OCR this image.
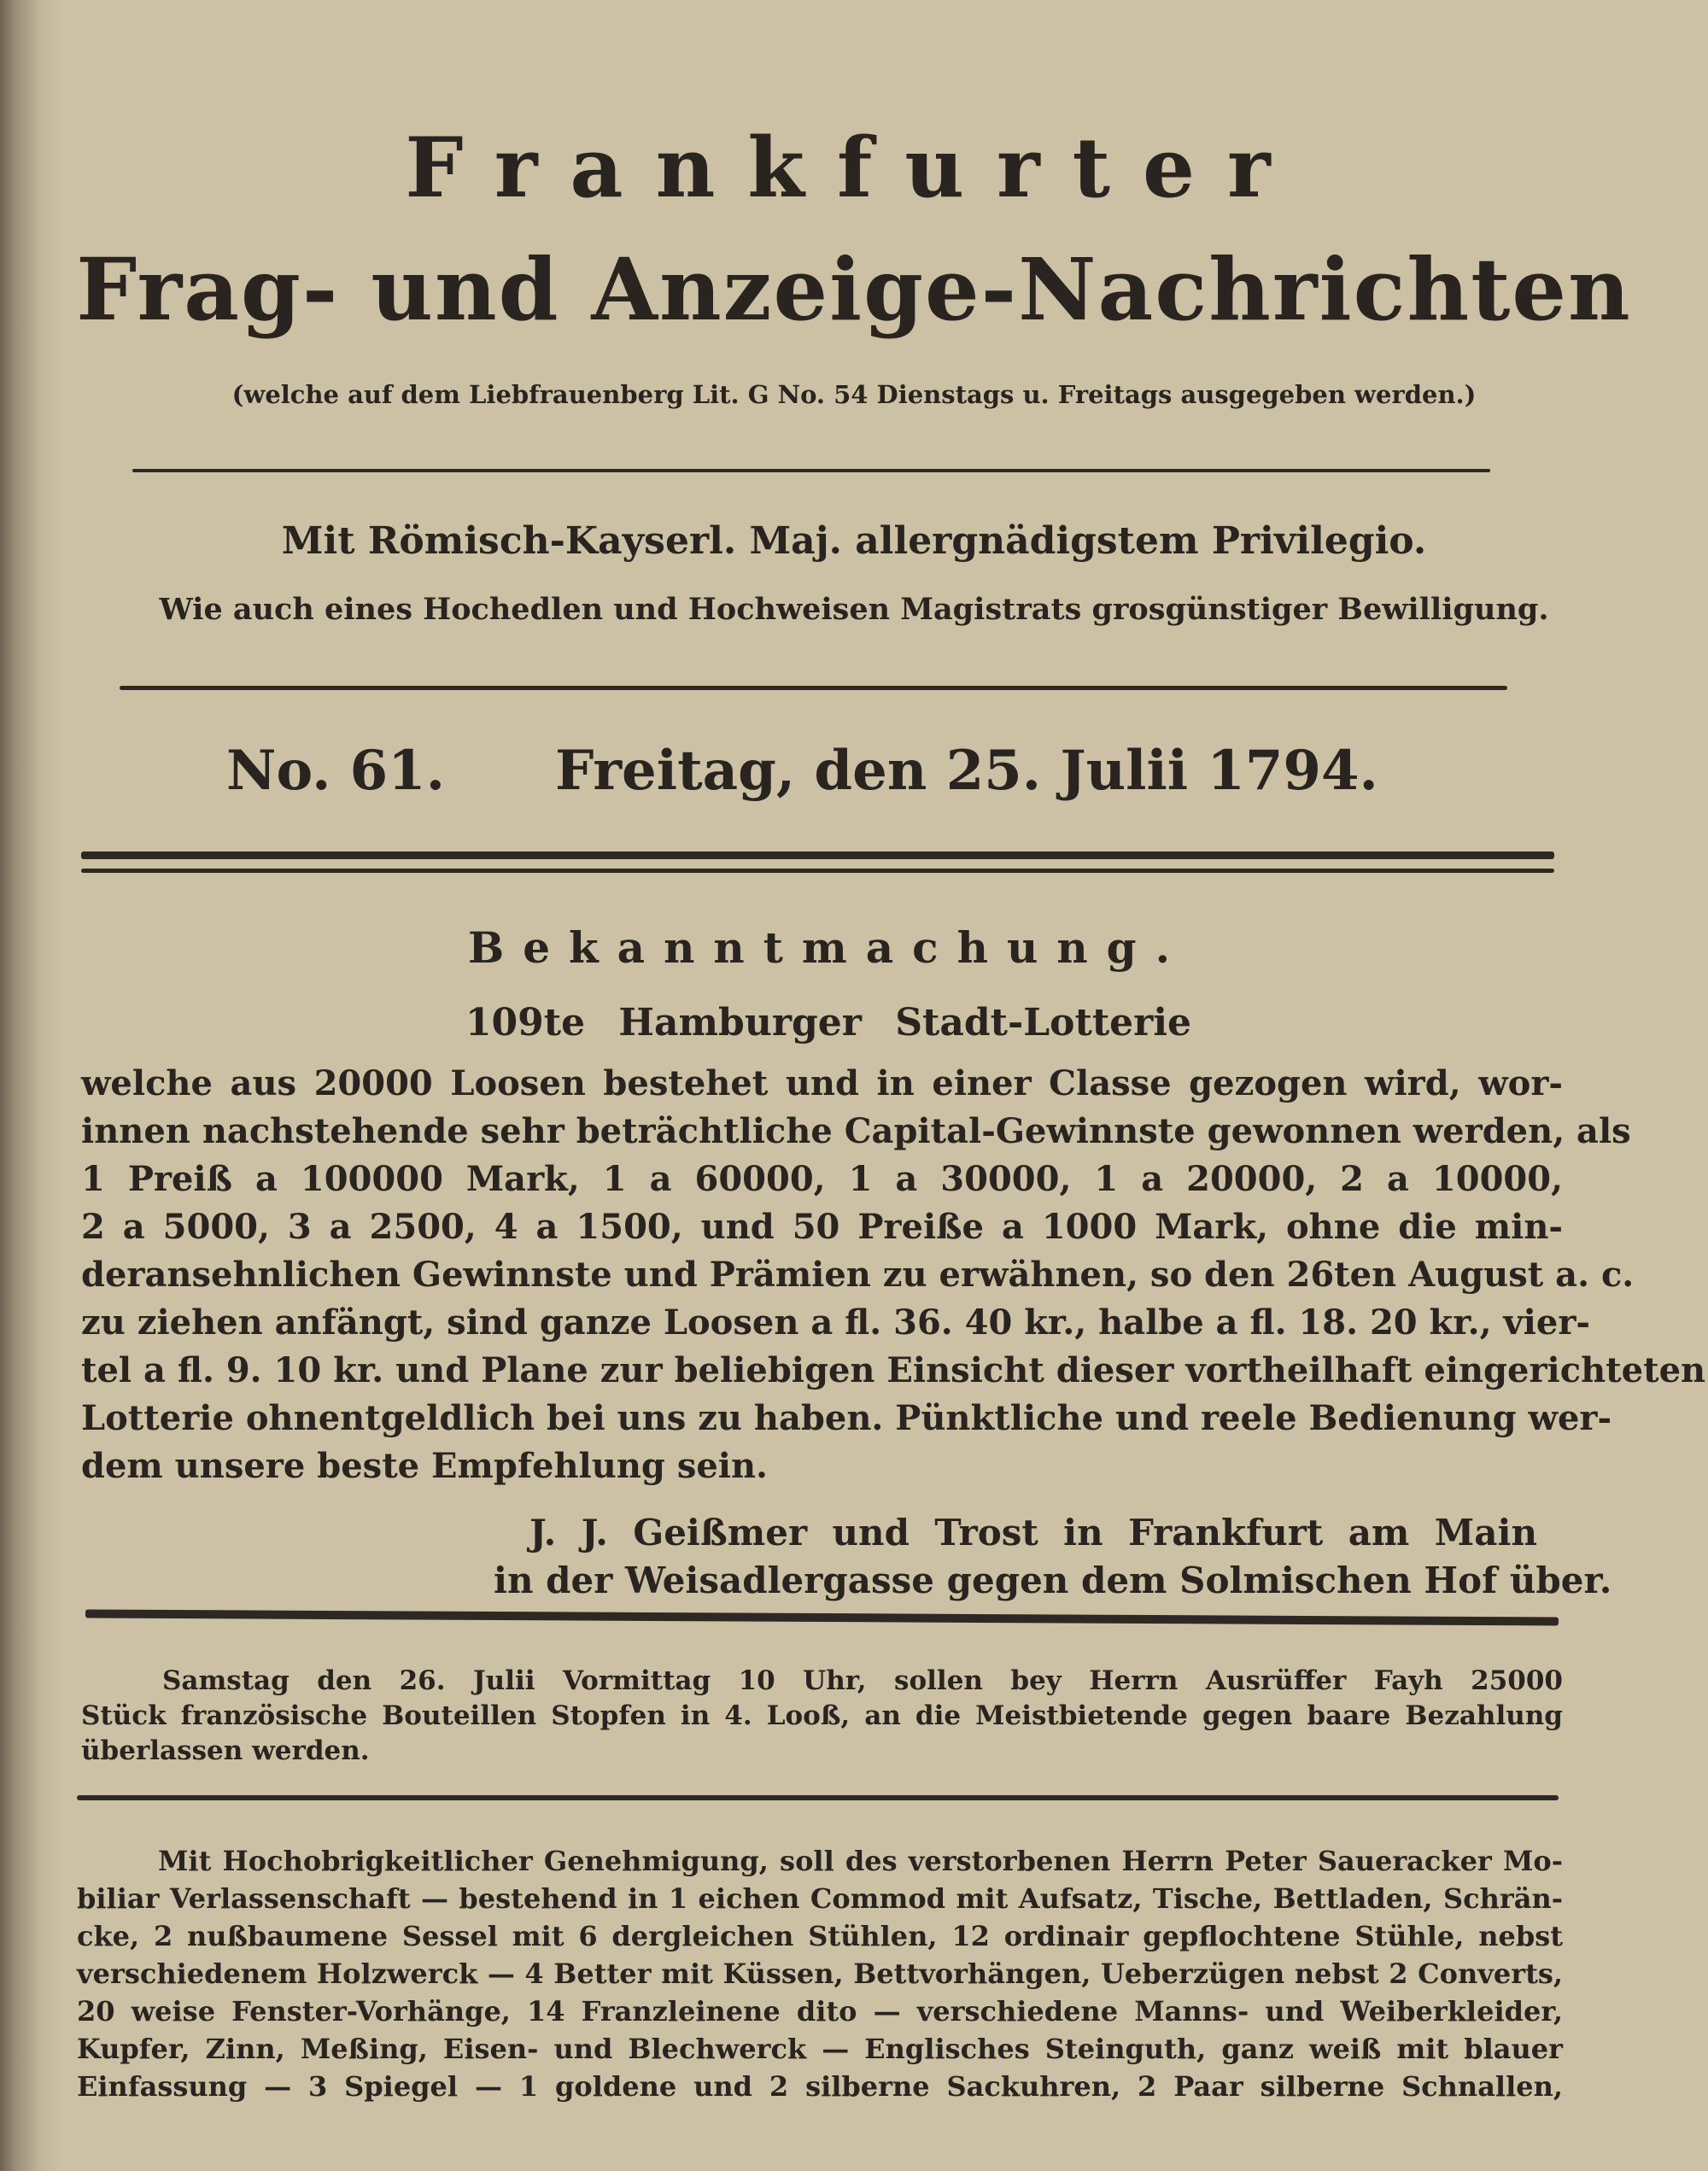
Frankfurter
Frag- und Anzeige-Nachrichten
(welche auf dem Liebfrauenberg Lit. G No. 54 Dienstags u. Freitags ausgegeben werden.)
Mit Römisch-Kayserl. Maj. allergnädigstem Privilegio.
Wie auch eines Hochedlen und Hochweisen Magistrats grosgünstiger Bewilligung.
No. 61. Freitag, den 25. Julii 1794.
Bekanntmachung.
109te Hamburger Stadt-Lotterie
welche aus 20000 Loosen bestehet und in einer Classe gezogen wird, wor-
innen nachstehende sehr beträchtliche Capital-Gewinnste gewonnen werden, als
1 Preiß a 100000 Mark, 1 a 60000, 1 a 30000, 1 a 20000, 2 a 10000,
2 a 5000, 3 a 2500, 4 a 1500, und 50 Preiße a 1000 Mark, ohne die min-
deransehnlichen Gewinnste und Prämien zu erwähnen, so den 26ten August a. c.
zu ziehen anfängt, sind ganze Loosen a fl. 36. 40 kr., halbe a fl. 18. 20 kr., vier-
tel a fl. 9. 10 kr. und Plane zur beliebigen Einsicht dieser vortheilhaft eingerichteten
Lotterie ohnentgeldlich bei uns zu haben. Pünktliche und reele Bedienung wer-
dem unsere beste Empfehlung sein.
J. J. Geißmer und Trost in Frankfurt am Main
in der Weisadlergasse gegen dem Solmischen Hof über.
Samstag den 26. Julii Vormittag 10 Uhr, sollen bey Herrn Ausrüffer Fayh 25000
Stück französische Bouteillen Stopfen in 4. Looß, an die Meistbietende gegen baare Bezahlung
überlassen werden.
Mit Hochobrigkeitlicher Genehmigung, soll des verstorbenen Herrn Peter Saueracker Mo-
biliar Verlassenschaft — bestehend in 1 eichen Commod mit Aufsatz, Tische, Bettladen, Schrän-
cke, 2 nußbaumene Sessel mit 6 dergleichen Stühlen, 12 ordinair gepflochtene Stühle, nebst
verschiedenem Holzwerck — 4 Better mit Küssen, Bettvorhängen, Ueberzügen nebst 2 Converts,
20 weise Fenster-Vorhänge, 14 Franzleinene dito — verschiedene Manns- und Weiberkleider,
Kupfer, Zinn, Meßing, Eisen- und Blechwerck — Englisches Steinguth, ganz weiß mit blauer
Einfassung — 3 Spiegel — 1 goldene und 2 silberne Sackuhren, 2 Paar silberne Schnallen,
